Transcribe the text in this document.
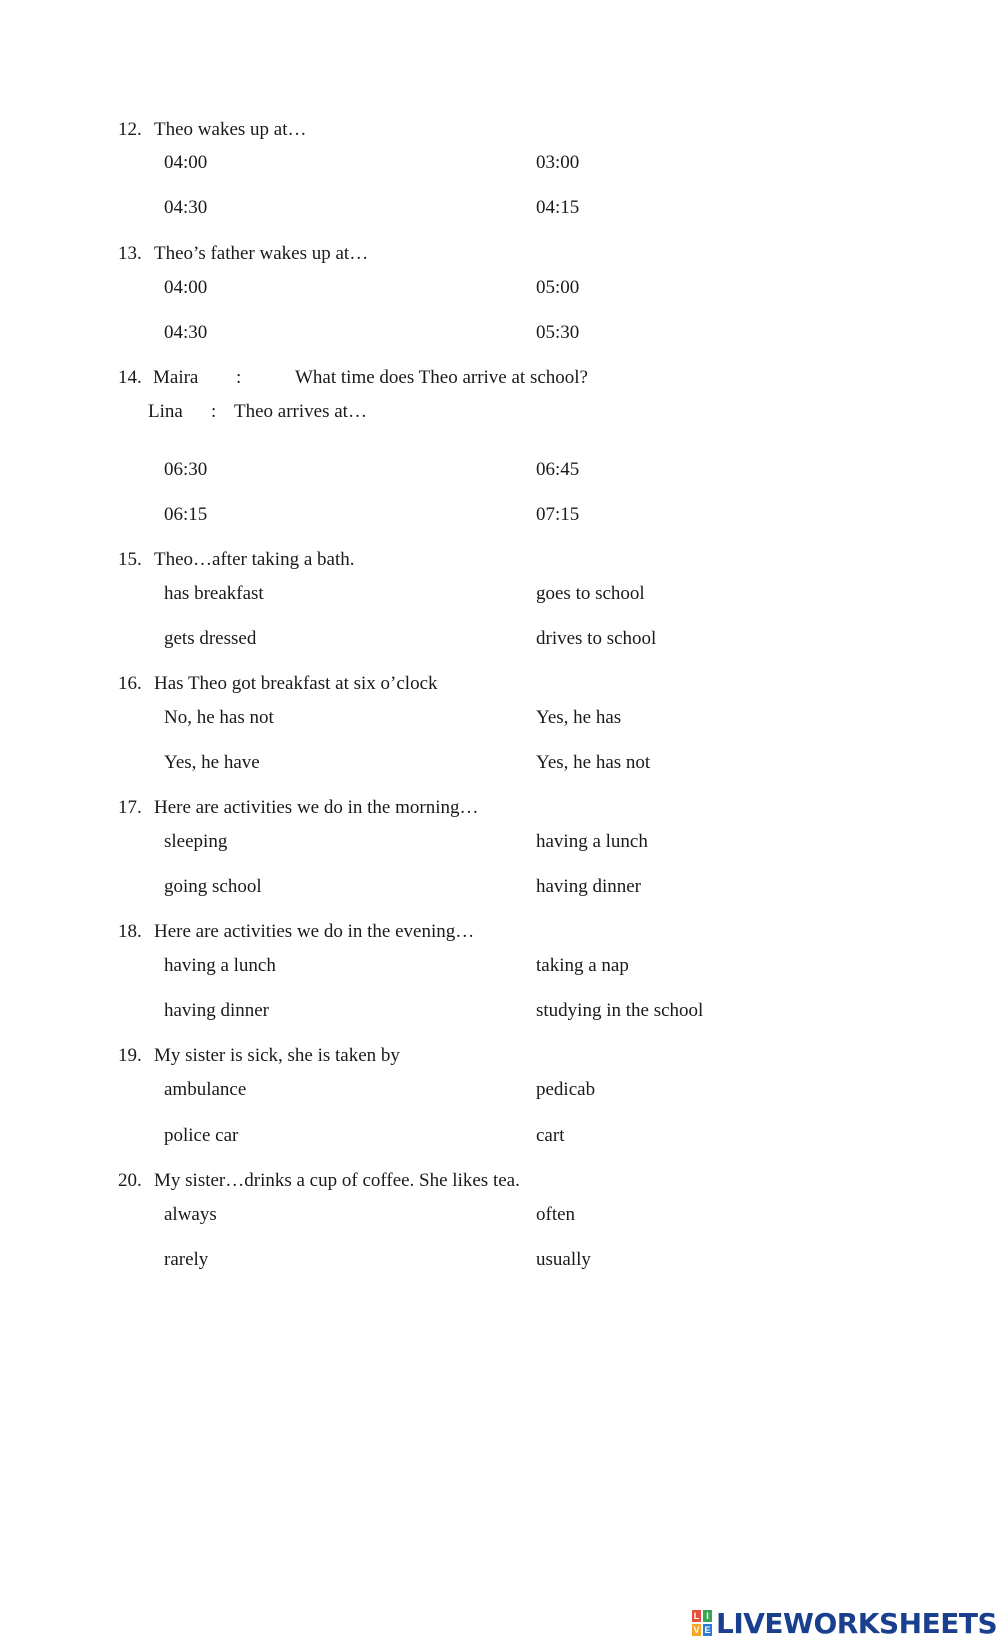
12. Theo wakes up at…
04:00	03:00
04:30	04:15
13. Theo’s father wakes up at…
04:00	05:00
04:30	05:30
14. Maira :	What time does Theo arrive at school?
Lina : Theo arrives at…
06:30	06:45
06:15	07:15
15. Theo…after taking a bath.
has breakfast	goes to school
gets dressed	drives to school
16. Has Theo got breakfast at six o’clock
No, he has not	Yes, he has
Yes, he have	Yes, he has not
17. Here are activities we do in the morning…
sleeping	having a lunch
going school	having dinner
18. Here are activities we do in the evening…
having a lunch	taking a nap
having dinner	studying in the school
19. My sister is sick, she is taken by
ambulance	pedicab
police car	cart
20. My sister…drinks a cup of coffee. She likes tea.
always	often
rarely	usually
L I
V E LIVEWORKSHEETS
